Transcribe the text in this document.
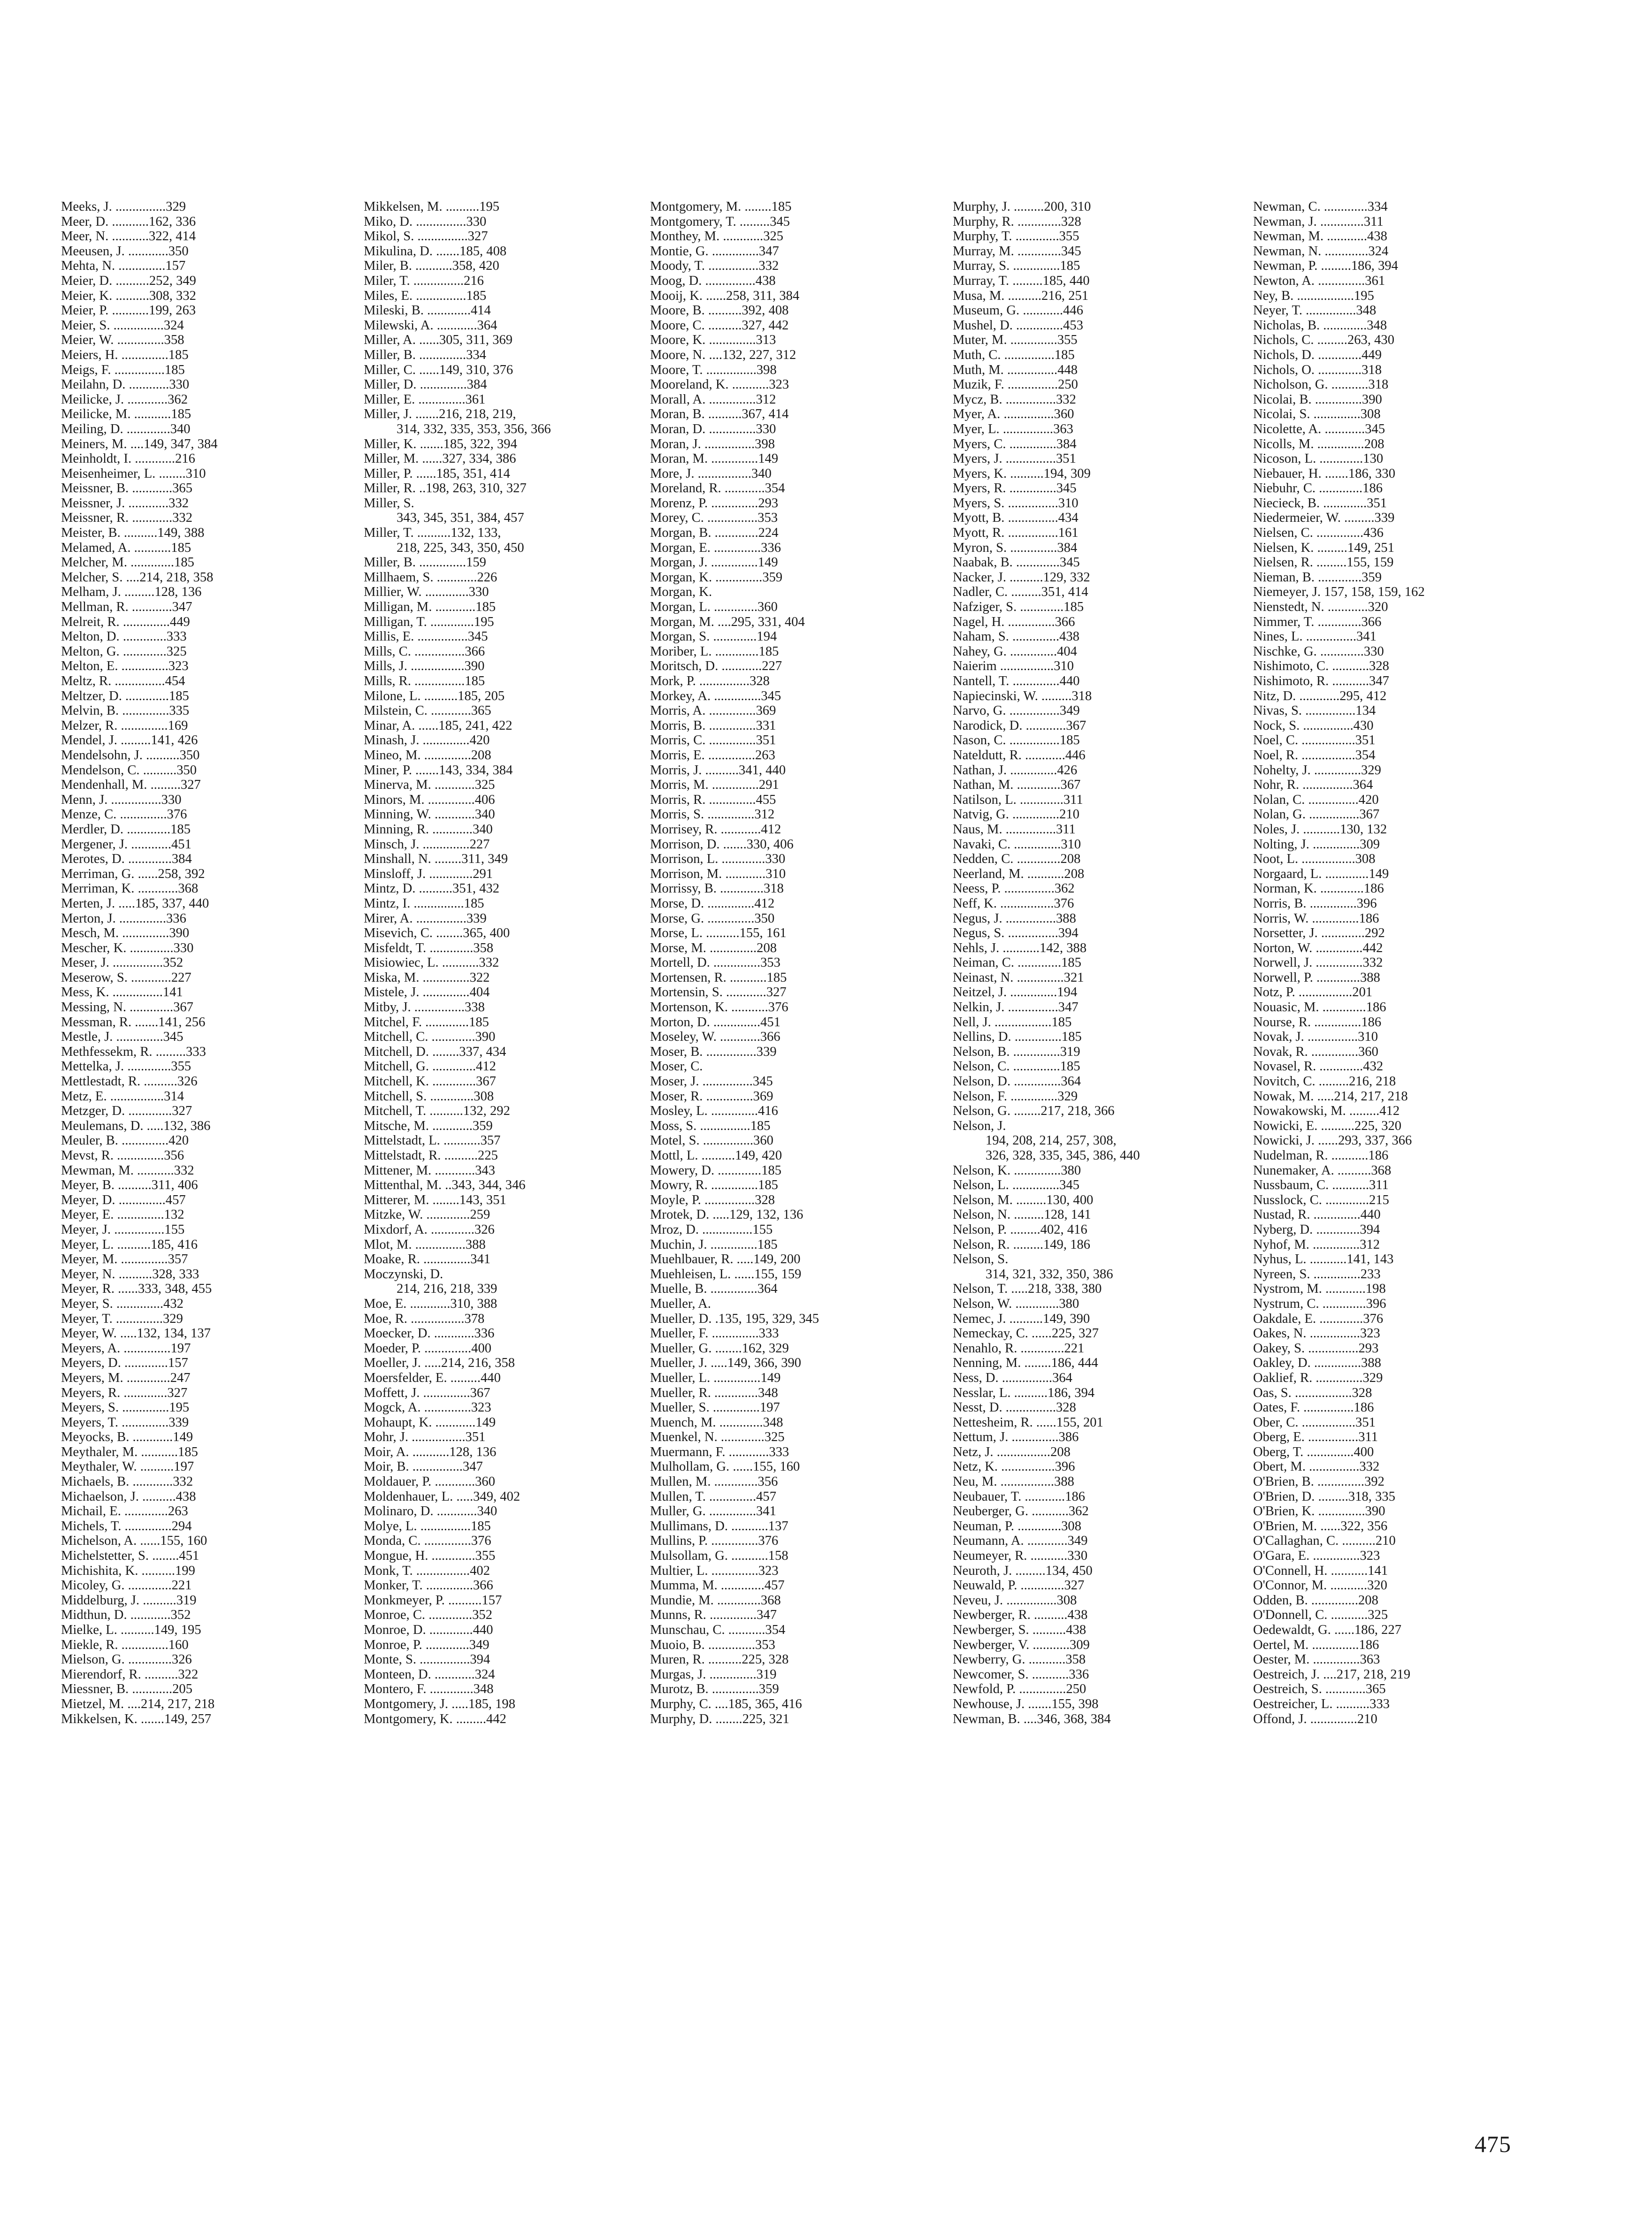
Meeks, J. ...............329
Meer, D. ...........162, 336
Meer, N. ...........322, 414
Meeusen, J. ............350
Mehta, N. ..............157
Meier, D. ..........252, 349
Meier, K. ..........308, 332
Meier, P. ...........199, 263
Meier, S. ...............324
Meier, W. ..............358
Meiers, H. ..............185
Meigs, F. ...............185
Meilahn, D. ............330
Meilicke, J. ............362
Meilicke, M. ...........185
Meiling, D. .............340
Meiners, M. ....149, 347, 384
Meinholdt, I. ............216
Meisenheimer, L. ........310
Meissner, B. ............365
Meissner, J. ............332
Meissner, R. ............332
Meister, B. ..........149, 388
Melamed, A. ...........185
Melcher, M. .............185
Melcher, S. ....214, 218, 358
Melham, J. .........128, 136
Mellman, R. ............347
Melreit, R. ..............449
Melton, D. .............333
Melton, G. .............325
Melton, E. ..............323
Meltz, R. ...............454
Meltzer, D. .............185
Melvin, B. ..............335
Melzer, R. ..............169
Mendel, J. .........141, 426
Mendelsohn, J. ..........350
Mendelson, C. ..........350
Mendenhall, M. .........327
Menn, J. ...............330
Menze, C. ..............376
Merdler, D. .............185
Mergener, J. ............451
Merotes, D. .............384
Merriman, G. ......258, 392
Merriman, K. ............368
Merten, J. .....185, 337, 440
Merton, J. ..............336
Mesch, M. ..............390
Mescher, K. .............330
Meser, J. ...............352
Meserow, S. ............227
Mess, K. ...............141
Messing, N. .............367
Messman, R. .......141, 256
Mestle, J. ..............345
Methfessekm, R. .........333
Mettelka, J. .............355
Mettlestadt, R. ..........326
Metz, E. ................314
Metzger, D. .............327
Meulemans, D. .....132, 386
Meuler, B. ..............420
Mevst, R. ..............356
Mewman, M. ...........332
Meyer, B. ..........311, 406
Meyer, D. ..............457
Meyer, E. ..............132
Meyer, J. ...............155
Meyer, L. ..........185, 416
Meyer, M. ..............357
Meyer, N. ..........328, 333
Meyer, R. ......333, 348, 455
Meyer, S. ..............432
Meyer, T. ..............329
Meyer, W. .....132, 134, 137
Meyers, A. ..............197
Meyers, D. .............157
Meyers, M. .............247
Meyers, R. .............327
Meyers, S. ..............195
Meyers, T. ..............339
Meyocks, B. ............149
Meythaler, M. ...........185
Meythaler, W. ..........197
Michaels, B. ............332
Michaelson, J. ..........438
Michail, E. .............263
Michels, T. ..............294
Michelson, A. ......155, 160
Michelstetter, S. ........451
Michishita, K. ..........199
Micoley, G. .............221
Middelburg, J. ..........319
Midthun, D. ............352
Mielke, L. ..........149, 195
Miekle, R. ..............160
Mielson, G. .............326
Mierendorf, R. ..........322
Miessner, B. ............205
Mietzel, M. ....214, 217, 218
Mikkelsen, K. .......149, 257
Mikkelsen, M. ..........195
Miko, D. ...............330
Mikol, S. ...............327
Mikulina, D. .......185, 408
Miler, B. ...........358, 420
Miler, T. ...............216
Miles, E. ...............185
Mileski, B. .............414
Milewski, A. ............364
Miller, A. ......305, 311, 369
Miller, B. ..............334
Miller, C. ......149, 310, 376
Miller, D. ..............384
Miller, E. ..............361
Miller, J. .......216, 218, 219,
314, 332, 335, 353, 356, 366
Miller, K. .......185, 322, 394
Miller, M. ......327, 334, 386
Miller, P. ......185, 351, 414
Miller, R. ..198, 263, 310, 327
Miller, S.
343, 345, 351, 384, 457
Miller, T. ..........132, 133,
218, 225, 343, 350, 450
Miller, B. ..............159
Millhaem, S. ............226
Millier, W. .............330
Milligan, M. ............185
Milligan, T. .............195
Millis, E. ...............345
Mills, C. ...............366
Mills, J. ................390
Mills, R. ...............185
Milone, L. ..........185, 205
Milstein, C. ............365
Minar, A. ......185, 241, 422
Minash, J. ..............420
Mineo, M. ..............208
Miner, P. .......143, 334, 384
Minerva, M. ............325
Minors, M. ..............406
Minning, W. ............340
Minning, R. ............340
Minsch, J. ..............227
Minshall, N. ........311, 349
Minsloff, J. .............291
Mintz, D. ..........351, 432
Mintz, I. ...............185
Mirer, A. ...............339
Misevich, C. ........365, 400
Misfeldt, T. .............358
Misiowiec, L. ...........332
Miska, M. ..............322
Mistele, J. ..............404
Mitby, J. ...............338
Mitchel, F. .............185
Mitchell, C. .............390
Mitchell, D. ........337, 434
Mitchell, G. .............412
Mitchell, K. .............367
Mitchell, S. .............308
Mitchell, T. ..........132, 292
Mitsche, M. ............359
Mittelstadt, L. ...........357
Mittelstadt, R. ..........225
Mittener, M. ............343
Mittenthal, M. ..343, 344, 346
Mitterer, M. ........143, 351
Mitzke, W. .............259
Mixdorf, A. .............326
Mlot, M. ...............388
Moake, R. ..............341
Moczynski, D.
214, 216, 218, 339
Moe, E. ............310, 388
Moe, R. ................378
Moecker, D. ............336
Moeder, P. ..............400
Moeller, J. .....214, 216, 358
Moersfelder, E. .........440
Moffett, J. ..............367
Mogck, A. ..............323
Mohaupt, K. ............149
Mohr, J. ................351
Moir, A. ...........128, 136
Moir, B. ...............347
Moldauer, P. ............360
Moldenhauer, L. .....349, 402
Molinaro, D. ............340
Molye, L. ...............185
Monda, C. ..............376
Mongue, H. .............355
Monk, T. ................402
Monker, T. ..............366
Monkmeyer, P. ..........157
Monroe, C. .............352
Monroe, D. .............440
Monroe, P. .............349
Monte, S. ...............394
Monteen, D. ............324
Montero, F. .............348
Montgomery, J. .....185, 198
Montgomery, K. .........442
Montgomery, M. ........185
Montgomery, T. .........345
Monthey, M. ............325
Montie, G. ..............347
Moody, T. ...............332
Moog, D. ...............438
Mooij, K. ......258, 311, 384
Moore, B. ..........392, 408
Moore, C. ..........327, 442
Moore, K. ..............313
Moore, N. ....132, 227, 312
Moore, T. ...............398
Mooreland, K. ...........323
Morall, A. ..............312
Moran, B. ..........367, 414
Moran, D. ..............330
Moran, J. ...............398
Moran, M. ..............149
More, J. ................340
Moreland, R. ............354
Morenz, P. ..............293
Morey, C. ...............353
Morgan, B. .............224
Morgan, E. ..............336
Morgan, J. ..............149
Morgan, K. ..............359
Morgan, K.
Morgan, L. .............360
Morgan, M. ....295, 331, 404
Morgan, S. .............194
Moriber, L. .............185
Moritsch, D. ............227
Mork, P. ...............328
Morkey, A. ..............345
Morris, A. ..............369
Morris, B. ..............331
Morris, C. ..............351
Morris, E. ..............263
Morris, J. ..........341, 440
Morris, M. ..............291
Morris, R. ..............455
Morris, S. ..............312
Morrisey, R. ............412
Morrison, D. .......330, 406
Morrison, L. .............330
Morrison, M. ............310
Morrissy, B. .............318
Morse, D. ..............412
Morse, G. ..............350
Morse, L. ..........155, 161
Morse, M. ..............208
Mortell, D. ..............353
Mortensen, R. ...........185
Mortensin, S. ............327
Mortenson, K. ...........376
Morton, D. ..............451
Moseley, W. ............366
Moser, B. ...............339
Moser, C.
Moser, J. ...............345
Moser, R. ..............369
Mosley, L. ..............416
Moss, S. ...............185
Motel, S. ...............360
Mottl, L. ..........149, 420
Mowery, D. .............185
Mowry, R. ..............185
Moyle, P. ...............328
Mrotek, D. .....129, 132, 136
Mroz, D. ...............155
Muchin, J. ..............185
Muehlbauer, R. .....149, 200
Muehleisen, L. ......155, 159
Muelle, B. ..............364
Mueller, A.
Mueller, D. .135, 195, 329, 345
Mueller, F. ..............333
Mueller, G. ........162, 329
Mueller, J. .....149, 366, 390
Mueller, L. ..............149
Mueller, R. .............348
Mueller, S. ..............197
Muench, M. .............348
Muenkel, N. .............325
Muermann, F. ............333
Mulhollam, G. ......155, 160
Mullen, M. .............356
Mullen, T. ..............457
Muller, G. ..............341
Mullimans, D. ...........137
Mullins, P. ..............376
Mulsollam, G. ...........158
Multier, L. ..............323
Mumma, M. .............457
Mundie, M. .............368
Munns, R. ..............347
Munschau, C. ...........354
Muoio, B. ..............353
Muren, R. ..........225, 328
Murgas, J. ..............319
Murotz, B. ..............359
Murphy, C. ....185, 365, 416
Murphy, D. ........225, 321
Murphy, J. .........200, 310
Murphy, R. .............328
Murphy, T. .............355
Murray, M. .............345
Murray, S. ..............185
Murray, T. .........185, 440
Musa, M. ..........216, 251
Museum, G. ............446
Mushel, D. ..............453
Muter, M. ..............355
Muth, C. ...............185
Muth, M. ...............448
Muzik, F. ...............250
Mycz, B. ...............332
Myer, A. ...............360
Myer, L. ...............363
Myers, C. ..............384
Myers, J. ...............351
Myers, K. ..........194, 309
Myers, R. ..............345
Myers, S. ...............310
Myott, B. ...............434
Myott, R. ...............161
Myron, S. ..............384
Naabak, B. .............345
Nacker, J. ..........129, 332
Nadler, C. .........351, 414
Nafziger, S. .............185
Nagel, H. ..............366
Naham, S. ..............438
Nahey, G. ..............404
Naierim ................310
Nantell, T. ..............440
Napiecinski, W. .........318
Narvo, G. ...............349
Narodick, D. ............367
Nason, C. ...............185
Nateldutt, R. ............446
Nathan, J. ..............426
Nathan, M. .............367
Natilson, L. .............311
Natvig, G. ..............210
Naus, M. ...............311
Navaki, C. ..............310
Nedden, C. .............208
Neerland, M. ...........208
Neess, P. ...............362
Neff, K. ................376
Negus, J. ...............388
Negus, S. ...............394
Nehls, J. ...........142, 388
Neiman, C. .............185
Neinast, N. ..............321
Neitzel, J. ..............194
Nelkin, J. ...............347
Nell, J. .................185
Nellins, D. ..............185
Nelson, B. ..............319
Nelson, C. ..............185
Nelson, D. ..............364
Nelson, F. ..............329
Nelson, G. ........217, 218, 366
Nelson, J.
194, 208, 214, 257, 308,
326, 328, 335, 345, 386, 440
Nelson, K. ..............380
Nelson, L. ..............345
Nelson, M. .........130, 400
Nelson, N. .........128, 141
Nelson, P. .........402, 416
Nelson, R. .........149, 186
Nelson, S.
314, 321, 332, 350, 386
Nelson, T. .....218, 338, 380
Nelson, W. .............380
Nemec, J. ..........149, 390
Nemeckay, C. ......225, 327
Nenahlo, R. .............221
Nenning, M. ........186, 444
Ness, D. ...............364
Nesslar, L. ..........186, 394
Nesst, D. ...............328
Nettesheim, R. ......155, 201
Nettum, J. ..............386
Netz, J. ................208
Netz, K. ................396
Neu, M. ................388
Neubauer, T. ............186
Neuberger, G. ...........362
Neuman, P. .............308
Neumann, A. ............349
Neumeyer, R. ...........330
Neuroth, J. .........134, 450
Neuwald, P. .............327
Neveu, J. ...............308
Newberger, R. ..........438
Newberger, S. ..........438
Newberger, V. ...........309
Newberry, G. ...........358
Newcomer, S. ...........336
Newfold, P. ..............250
Newhouse, J. .......155, 398
Newman, B. ....346, 368, 384
Newman, C. .............334
Newman, J. .............311
Newman, M. ............438
Newman, N. .............324
Newman, P. .........186, 394
Newton, A. ..............361
Ney, B. .................195
Neyer, T. ...............348
Nicholas, B. .............348
Nichols, C. .........263, 430
Nichols, D. .............449
Nichols, O. .............318
Nicholson, G. ...........318
Nicolai, B. ..............390
Nicolai, S. ..............308
Nicolette, A. ............345
Nicolls, M. ..............208
Nicoson, L. .............130
Niebauer, H. .......186, 330
Niebuhr, C. .............186
Niecieck, B. .............351
Niedermeier, W. .........339
Nielsen, C. ..............436
Nielsen, K. .........149, 251
Nielsen, R. .........155, 159
Nieman, B. .............359
Niemeyer, J. 157, 158, 159, 162
Nienstedt, N. ............320
Nimmer, T. .............366
Nines, L. ...............341
Nischke, G. .............330
Nishimoto, C. ...........328
Nishimoto, R. ...........347
Nitz, D. ............295, 412
Nivas, S. ...............134
Nock, S. ...............430
Noel, C. ................351
Noel, R. ................354
Nohelty, J. ..............329
Nohr, R. ...............364
Nolan, C. ...............420
Nolan, G. ...............367
Noles, J. ...........130, 132
Nolting, J. ..............309
Noot, L. ................308
Norgaard, L. .............149
Norman, K. .............186
Norris, B. ..............396
Norris, W. ..............186
Norsetter, J. .............292
Norton, W. ..............442
Norwell, J. ..............332
Norwell, P. .............388
Notz, P. ................201
Nouasic, M. .............186
Nourse, R. ..............186
Novak, J. ...............310
Novak, R. ..............360
Novasel, R. .............432
Novitch, C. .........216, 218
Nowak, M. .....214, 217, 218
Nowakowski, M. .........412
Nowicki, E. ..........225, 320
Nowicki, J. ......293, 337, 366
Nudelman, R. ...........186
Nunemaker, A. ..........368
Nussbaum, C. ...........311
Nusslock, C. .............215
Nustad, R. ..............440
Nyberg, D. .............394
Nyhof, M. ..............312
Nyhus, L. ...........141, 143
Nyreen, S. ..............233
Nystrom, M. ............198
Nystrum, C. .............396
Oakdale, E. .............376
Oakes, N. ...............323
Oakey, S. ...............293
Oakley, D. ..............388
Oaklief, R. ..............329
Oas, S. .................328
Oates, F. ...............186
Ober, C. ................351
Oberg, E. ...............311
Oberg, T. ..............400
Obert, M. ...............332
O'Brien, B. ..............392
O'Brien, D. .........318, 335
O'Brien, K. ..............390
O'Brien, M. ......322, 356
O'Callaghan, C. ..........210
O'Gara, E. ..............323
O'Connell, H. ...........141
O'Connor, M. ...........320
Odden, B. ..............208
O'Donnell, C. ...........325
Oedewaldt, G. ......186, 227
Oertel, M. ..............186
Oester, M. ..............363
Oestreich, J. ....217, 218, 219
Oestreich, S. ............365
Oestreicher, L. ..........333
Offond, J. ..............210
475
